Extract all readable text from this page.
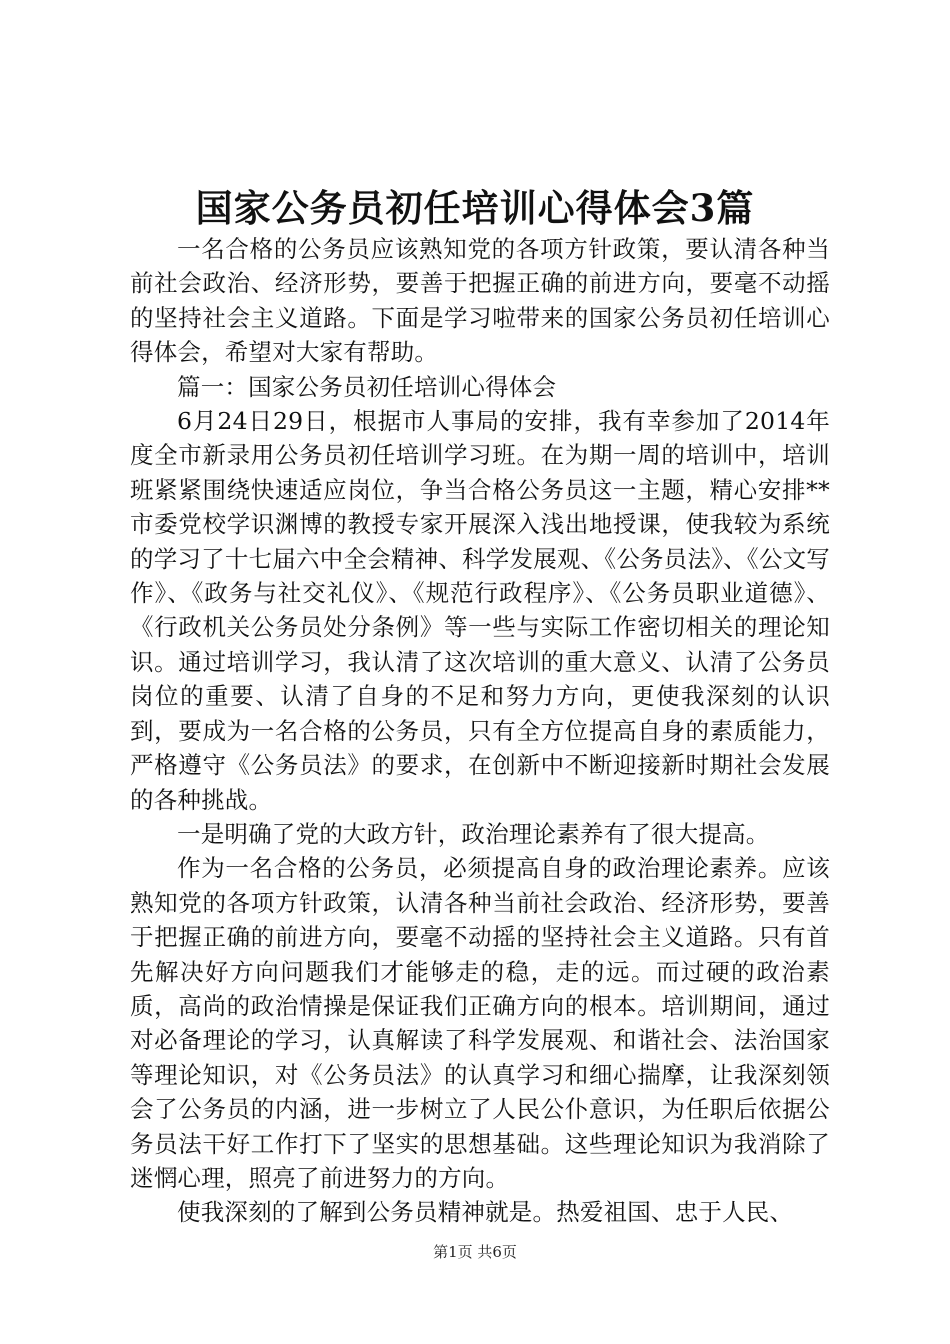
国家公务员初任培训心得体会3篇

一名合格的公务员应该熟知党的各项方针政策，要认清各种当前社会政治、经济形势，要善于把握正确的前进方向，要毫不动摇的坚持社会主义道路。下面是学习啦带来的国家公务员初任培训心得体会，希望对大家有帮助。

篇一：国家公务员初任培训心得体会

6月24日29日，根据市人事局的安排，我有幸参加了2014年度全市新录用公务员初任培训学习班。在为期一周的培训中，培训班紧紧围绕快速适应岗位，争当合格公务员这一主题，精心安排**市委党校学识渊博的教授专家开展深入浅出地授课，使我较为系统的学习了十七届六中全会精神、科学发展观、《公务员法》、《公文写作》、《政务与社交礼仪》、《规范行政程序》、《公务员职业道德》、《行政机关公务员处分条例》等一些与实际工作密切相关的理论知识。通过培训学习，我认清了这次培训的重大意义、认清了公务员岗位的重要、认清了自身的不足和努力方向，更使我深刻的认识到，要成为一名合格的公务员，只有全方位提高自身的素质能力，严格遵守《公务员法》的要求，在创新中不断迎接新时期社会发展的各种挑战。

一是明确了党的大政方针，政治理论素养有了很大提高。

作为一名合格的公务员，必须提高自身的政治理论素养。应该熟知党的各项方针政策，认清各种当前社会政治、经济形势，要善于把握正确的前进方向，要毫不动摇的坚持社会主义道路。只有首先解决好方向问题我们才能够走的稳，走的远。而过硬的政治素质，高尚的政治情操是保证我们正确方向的根本。培训期间，通过对必备理论的学习，认真解读了科学发展观、和谐社会、法治国家等理论知识，对《公务员法》的认真学习和细心揣摩，让我深刻领会了公务员的内涵，进一步树立了人民公仆意识，为任职后依据公务员法干好工作打下了坚实的思想基础。这些理论知识为我消除了迷惘心理，照亮了前进努力的方向。

使我深刻的了解到公务员精神就是。热爱祖国、忠于人民、

第1页 共6页
